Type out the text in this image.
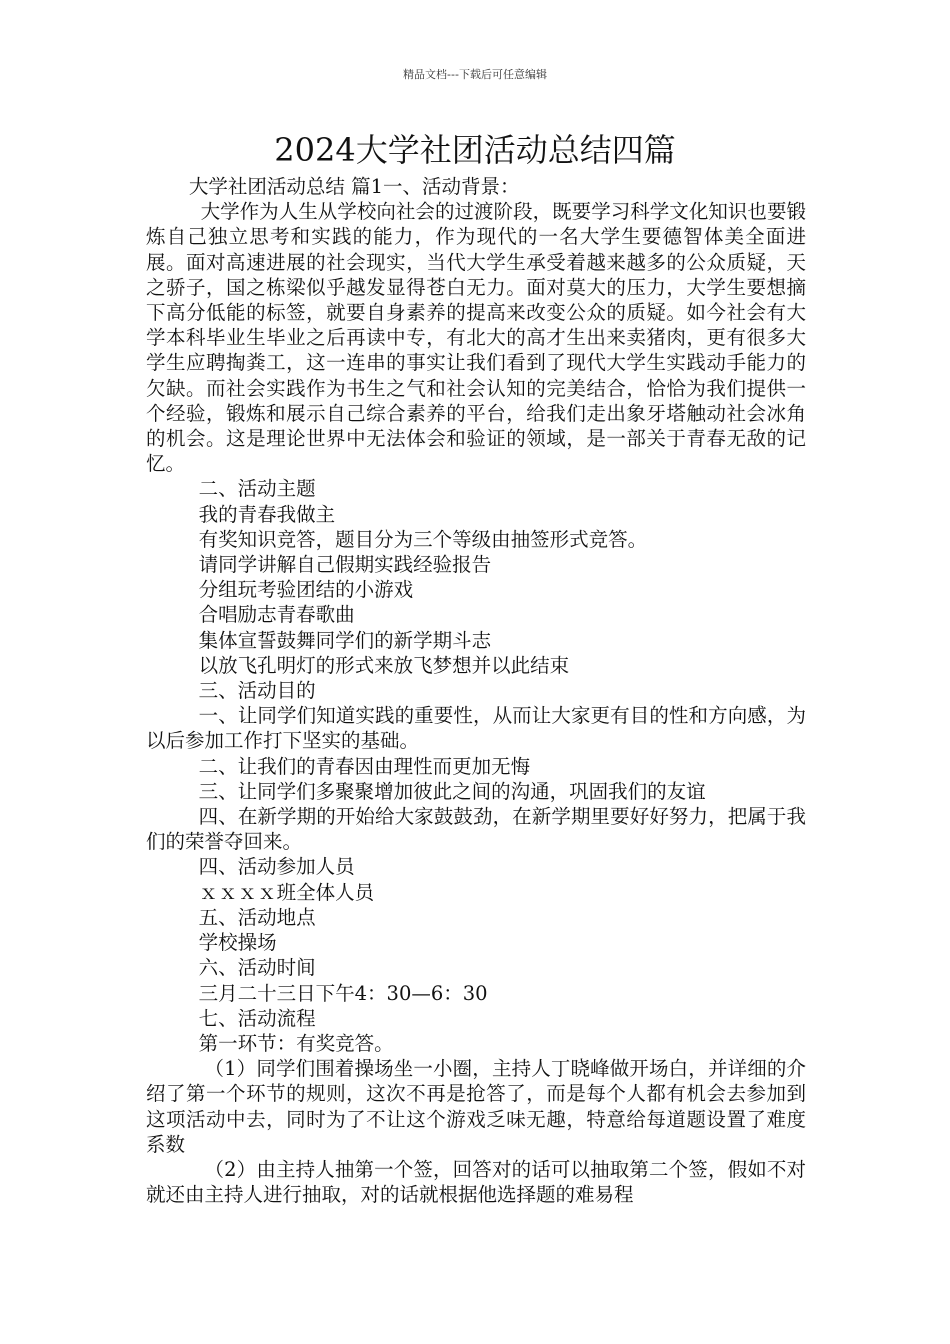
精品文档---下载后可任意编辑
2024大学社团活动总结四篇

大学社团活动总结 篇1一、活动背景：

大学作为人生从学校向社会的过渡阶段，既要学习科学文化知识也要锻炼自己独立思考和实践的能力，作为现代的一名大学生要德智体美全面进展。面对高速进展的社会现实，当代大学生承受着越来越多的公众质疑，天之骄子，国之栋梁似乎越发显得苍白无力。面对莫大的压力，大学生要想摘下高分低能的标签，就要自身素养的提高来改变公众的质疑。如今社会有大学本科毕业生毕业之后再读中专，有北大的高才生出来卖猪肉，更有很多大学生应聘掏粪工，这一连串的事实让我们看到了现代大学生实践动手能力的欠缺。而社会实践作为书生之气和社会认知的完美结合，恰恰为我们提供一个经验，锻炼和展示自己综合素养的平台，给我们走出象牙塔触动社会冰角的机会。这是理论世界中无法体会和验证的领域，是一部关于青春无敌的记忆。

二、活动主题

我的青春我做主

有奖知识竞答，题目分为三个等级由抽签形式竞答。

请同学讲解自己假期实践经验报告

分组玩考验团结的小游戏

合唱励志青春歌曲

集体宣誓鼓舞同学们的新学期斗志

以放飞孔明灯的形式来放飞梦想并以此结束

三、活动目的

一、让同学们知道实践的重要性，从而让大家更有目的性和方向感，为以后参加工作打下坚实的基础。

二、让我们的青春因由理性而更加无悔

三、让同学们多聚聚增加彼此之间的沟通，巩固我们的友谊

四、在新学期的开始给大家鼓鼓劲，在新学期里要好好努力，把属于我们的荣誉夺回来。

四、活动参加人员

ｘｘｘｘ班全体人员

五、活动地点

学校操场

六、活动时间

三月二十三日下午4：30—6：30

七、活动流程

第一环节：有奖竞答。

（1）同学们围着操场坐一小圈，主持人丁晓峰做开场白，并详细的介绍了第一个环节的规则，这次不再是抢答了，而是每个人都有机会去参加到这项活动中去，同时为了不让这个游戏乏味无趣，特意给每道题设置了难度系数

（2）由主持人抽第一个签，回答对的话可以抽取第二个签，假如不对就还由主持人进行抽取，对的话就根据他选择题的难易程
